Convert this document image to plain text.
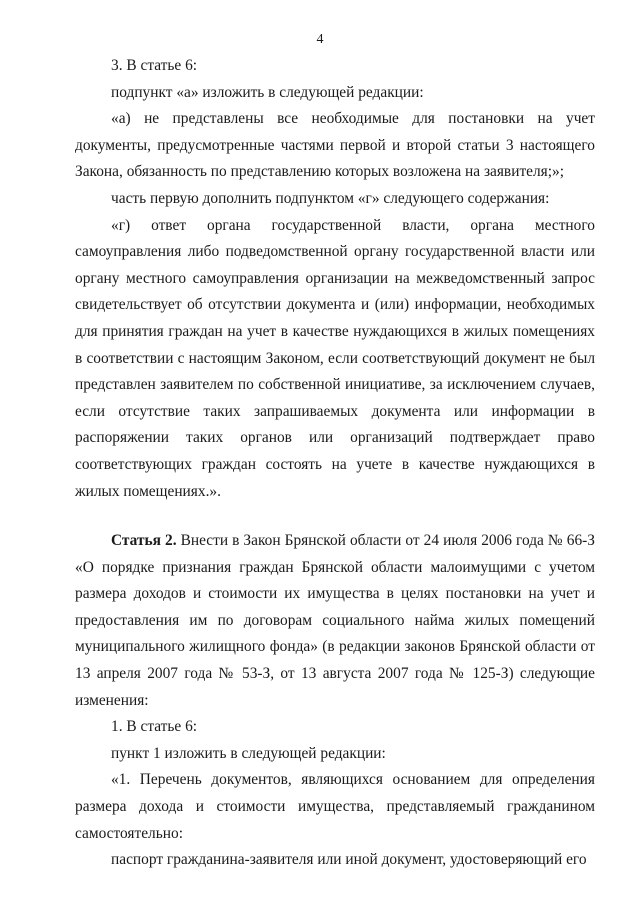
4

3. В статье 6:

подпункт «а» изложить в следующей редакции:

«а) не представлены все необходимые для постановки на учет документы, предусмотренные частями первой и второй статьи 3 настоящего Закона, обязанность по представлению которых возложена на заявителя;»;

часть первую дополнить подпунктом «г» следующего содержания:

«г) ответ органа государственной власти, органа местного самоуправления либо подведомственной органу государственной власти или органу местного самоуправления организации на межведомственный запрос свидетельствует об отсутствии документа и (или) информации, необходимых для принятия граждан на учет в качестве нуждающихся в жилых помещениях в соответствии с настоящим Законом, если соответствующий документ не был представлен заявителем по собственной инициативе, за исключением случаев, если отсутствие таких запрашиваемых документа или информации в распоряжении таких органов или организаций подтверждает право соответствующих граждан состоять на учете в качестве нуждающихся в жилых помещениях.».

Статья 2. Внести в Закон Брянской области от 24 июля 2006 года № 66-З «О порядке признания граждан Брянской области малоимущими с учетом размера доходов и стоимости их имущества в целях постановки на учет и предоставления им по договорам социального найма жилых помещений муниципального жилищного фонда» (в редакции законов Брянской области от 13 апреля 2007 года № 53-З, от 13 августа 2007 года № 125-З) следующие изменения:

1. В статье 6:

пункт 1 изложить в следующей редакции:

«1. Перечень документов, являющихся основанием для определения размера дохода и стоимости имущества, представляемый гражданином самостоятельно:

паспорт гражданина-заявителя или иной документ, удостоверяющий его
